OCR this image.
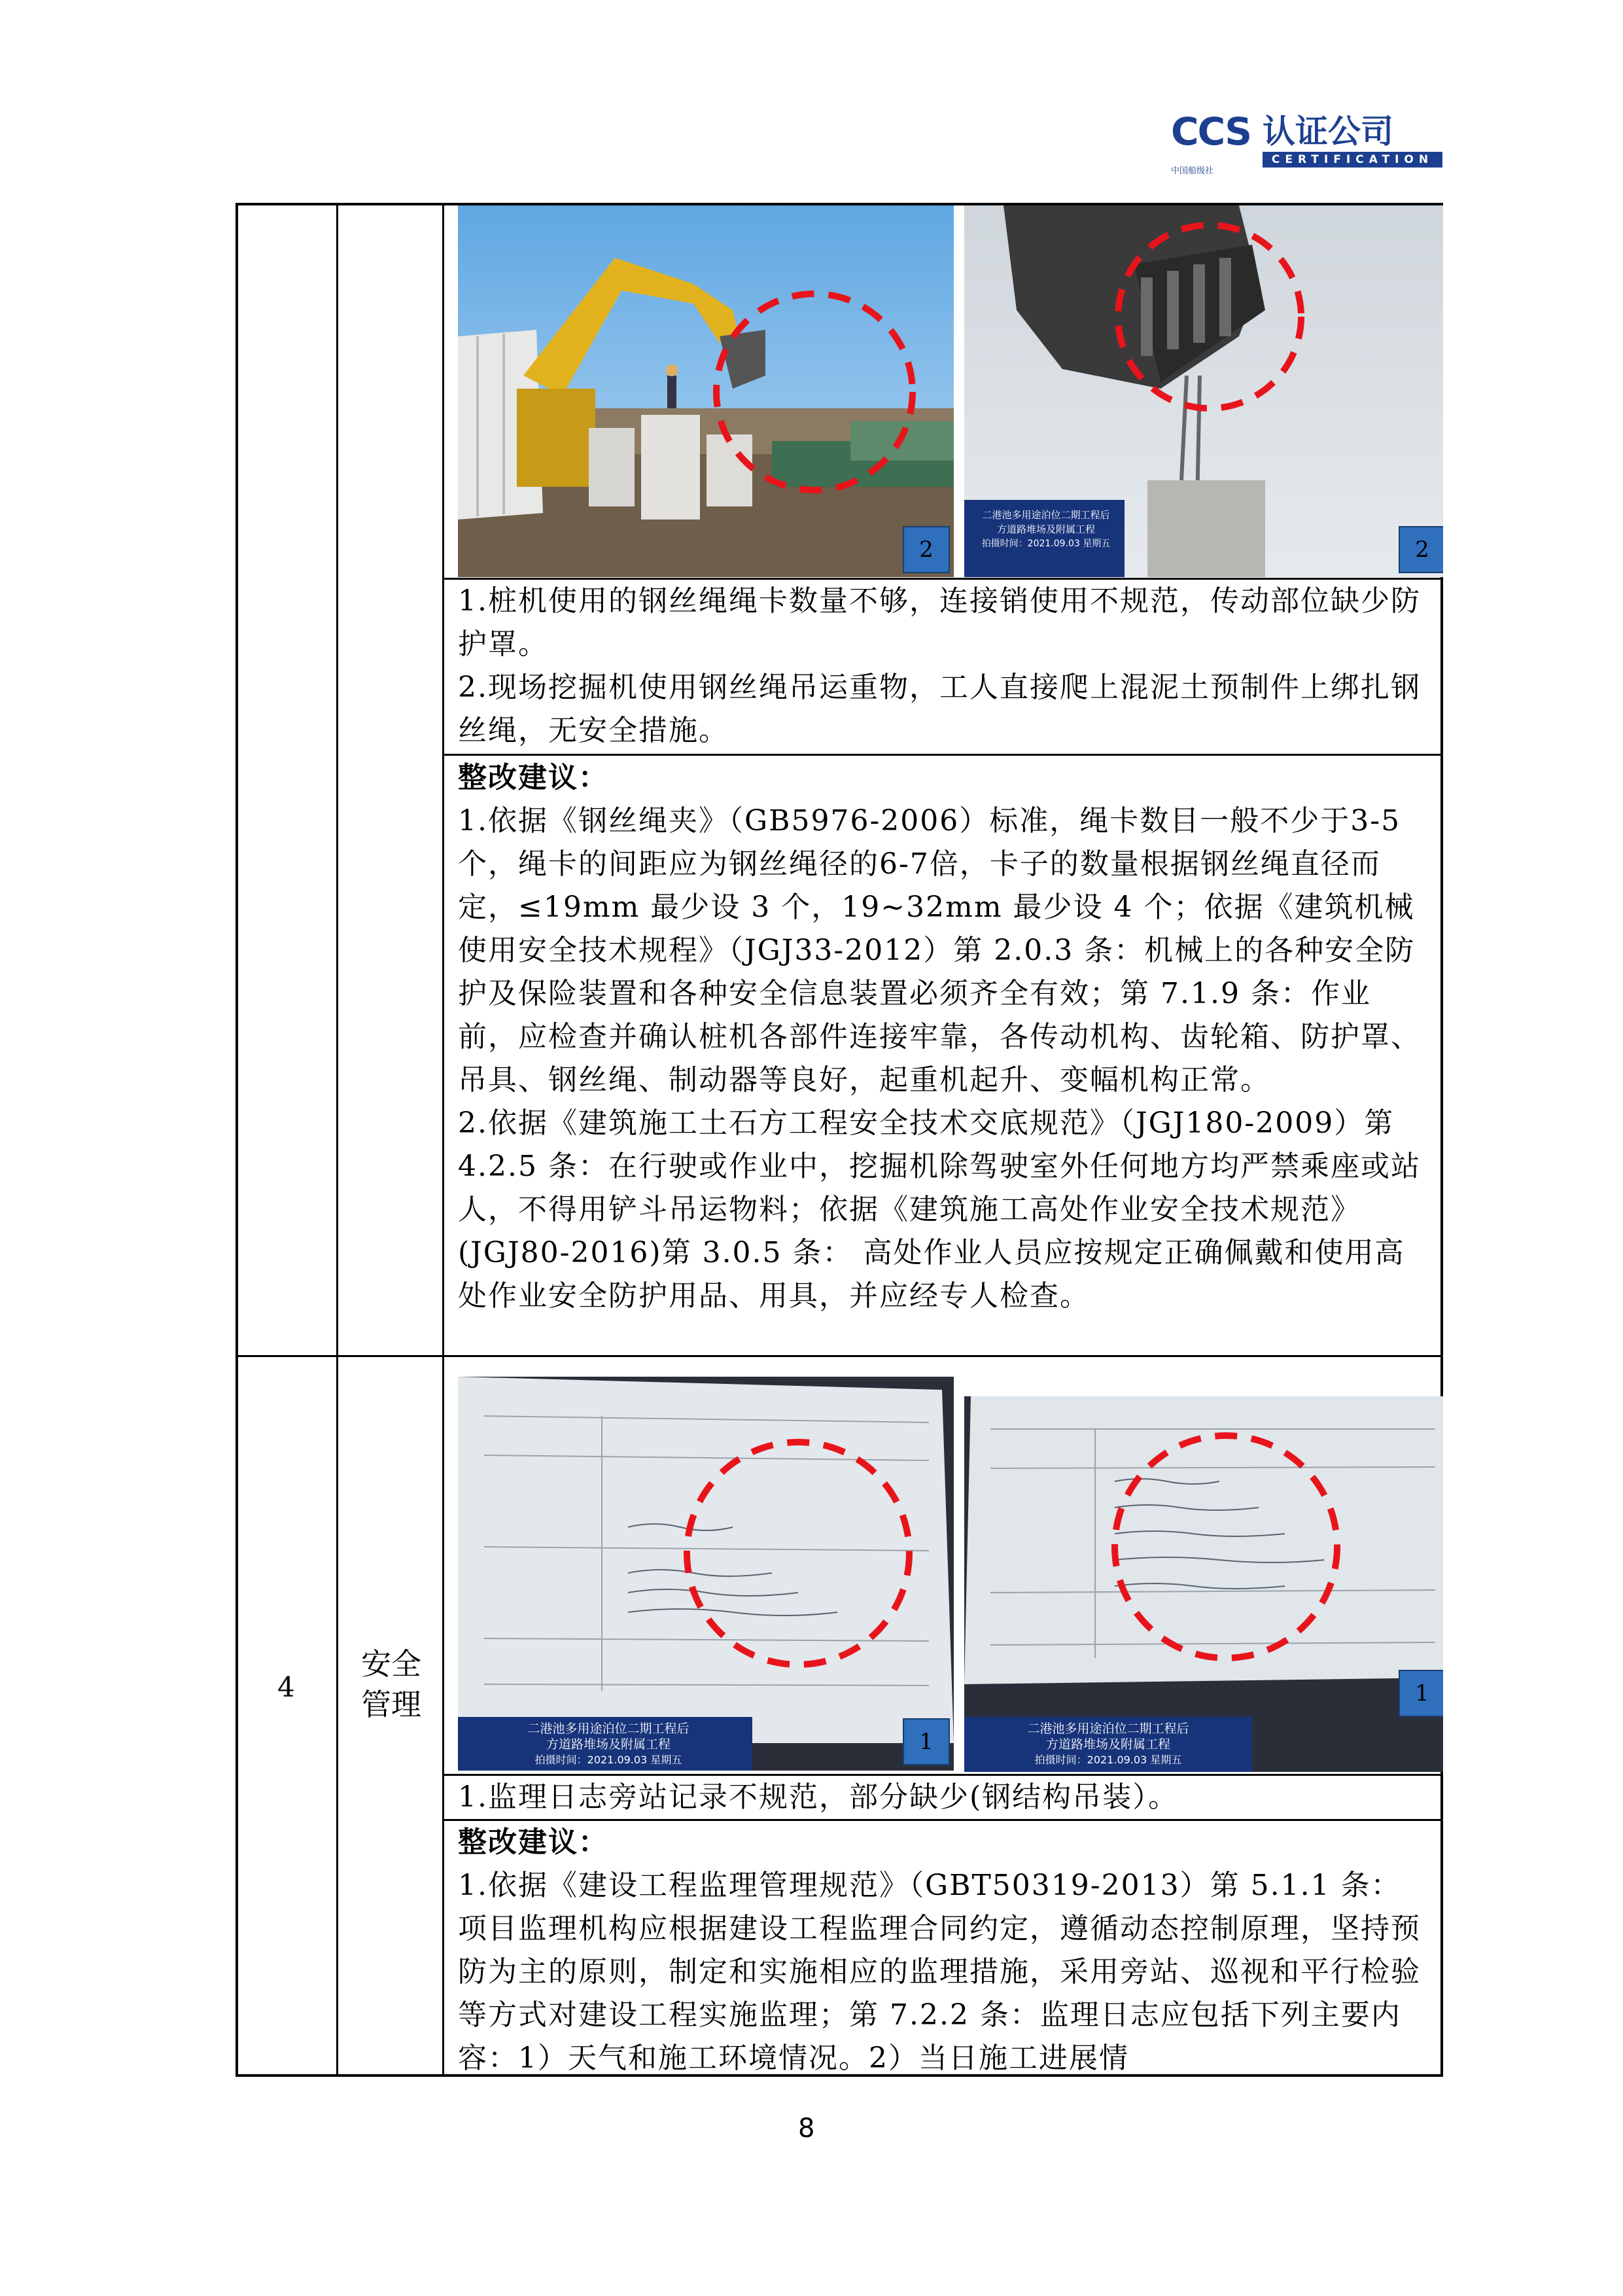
CCS 认证公司
CERTIFICATION
中国船级社
2
二港池多用途泊位二期工程后
方道路堆场及附属工程
拍摄时间：2021.09.03 星期五	2

1.桩机使用的钢丝绳绳卡数量不够，连接销使用不规范，传动部位缺少防护罩。

2.现场挖掘机使用钢丝绳吊运重物，工人直接爬上混泥土预制件上绑扎钢丝绳，无安全措施。

整改建议：

1.依据《钢丝绳夹》（GB5976-2006）标准，绳卡数目一般不少于3-5个，绳卡的间距应为钢丝绳径的6-7倍，卡子的数量根据钢丝绳直径而定，≤19mm 最少设 3 个，19~32mm 最少设 4 个；依据《建筑机械使用安全技术规程》（JGJ33-2012）第 2.0.3 条：机械上的各种安全防护及保险装置和各种安全信息装置必须齐全有效；第 7.1.9 条：作业前，应检查并确认桩机各部件连接牢靠，各传动机构、齿轮箱、防护罩、吊具、钢丝绳、制动器等良好，起重机起升、变幅机构正常。

2.依据《建筑施工土石方工程安全技术交底规范》（JGJ180-2009）第 4.2.5 条：在行驶或作业中，挖掘机除驾驶室外任何地方均严禁乘座或站人，不得用铲斗吊运物料；依据《建筑施工高处作业安全技术规范》(JGJ80-2016)第 3.0.5 条： 高处作业人员应按规定正确佩戴和使用高处作业安全防护用品、用具，并应经专人检查。

4
安全
管理
二港池多用途泊位二期工程后
方道路堆场及附属工程
拍摄时间：2021.09.03 星期五
1	二港池多用途泊位二期工程后
方道路堆场及附属工程
拍摄时间：2021.09.03 星期五
1

1.监理日志旁站记录不规范，部分缺少(钢结构吊装）。

整改建议：

1.依据《建设工程监理管理规范》（GBT50319-2013）第 5.1.1 条：项目监理机构应根据建设工程监理合同约定，遵循动态控制原理，坚持预防为主的原则，制定和实施相应的监理措施，采用旁站、巡视和平行检验等方式对建设工程实施监理；第 7.2.2 条：监理日志应包括下列主要内容：1）天气和施工环境情况。2）当日施工进展情

8
